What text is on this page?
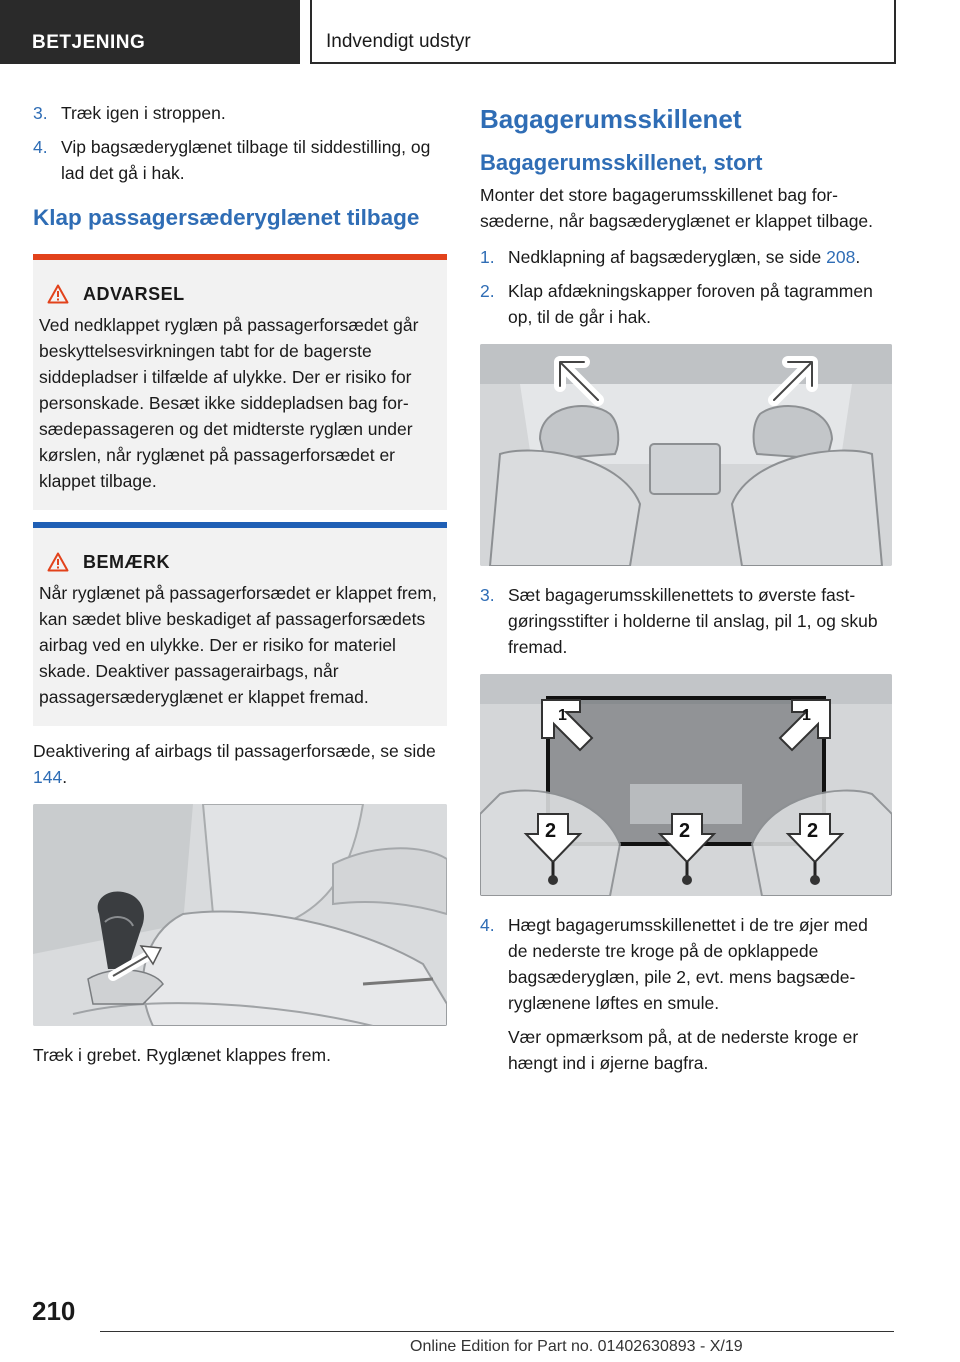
BETJENING	Indvendigt udstyr
3. Træk igen i stroppen.
4. Vip bagsæderyglænet tilbage til siddestilling, og lad det gå i hak.
Klap passagersæderyglænet tilbage
ADVARSEL
Ved nedklappet ryglæn på passagerforsædet går beskyttelsesvirkningen tabt for de bagerste siddepladser i tilfælde af ulykke. Der er risiko for personskade. Besæt ikke siddepladsen bag forsædepassageren og det midterste ryglæn under kørslen, når ryglænet på passagerforsædet er klappet tilbage.
BEMÆRK
Når ryglænet på passagerforsædet er klappet frem, kan sædet blive beskadiget af passagerforsædets airbag ved en ulykke. Der er risiko for materiel skade. Deaktiver passagerairbags, når passagersæderyglænet er klappet fremad.

Deaktivering af airbags til passagerforsæde, se side 144.

Træk i grebet. Ryglænet klappes frem.

Bagagerumsskillenet
Bagagerumsskillenet, stort

Monter det store bagagerumsskillenet bag forsæderne, når bagsæderyglænet er klappet tilbage.

1. Nedklapning af bagsæderyglæn, se side 208.
2. Klap afdækningskapper foroven på tagrammen op, til de går i hak.
3. Sæt bagagerumsskillenettets to øverste fastgøringsstifter i holderne til anslag, pil 1, og skub fremad.
1	1
2	2	2
4. Hægt bagagerumsskillenettet i de tre øjer med de nederste tre kroge på de opklappede bagsæderyglæn, pile 2, evt. mens bagsæderyglænene løftes en smule.
Vær opmærksom på, at de nederste kroge er hængt ind i øjerne bagfra.
210
Online Edition for Part no. 01402630893 - X/19
